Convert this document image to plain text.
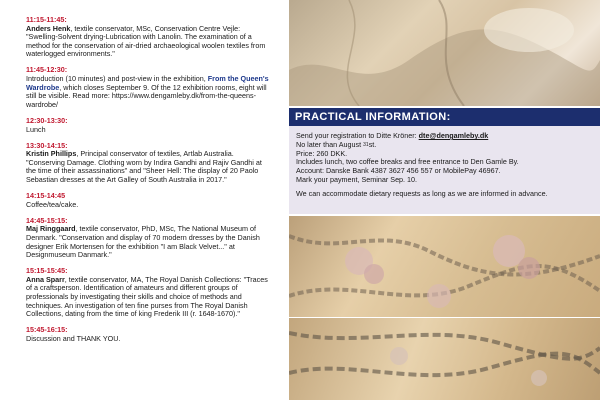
11:15-11:45:
Anders Henk, textile conservator, MSc, Conservation Centre Vejle: "Swelling-Solvent drying-Lubrication with Lanolin. The examination of a method for the conservation of air-dried archaeological woolen textiles from waterlogged environments."
11:45-12:30:
Introduction (10 minutes) and post-view in the exhibition, From the Queen's Wardrobe, which closes September 9. Of the 12 exhibition rooms, eight will still be visible. Read more: https://www.dengamleby.dk/from-the-queens-wardrobe/
12:30-13:30:
Lunch
13:30-14:15:
Kristin Phillips, Principal conservator of textiles, Artlab Australia. "Conserving Damage. Clothing worn by Indira Gandhi and Rajiv Gandhi at the time of their assassinations" and "Sheer Hell: The display of 20 Paolo Sebastian dresses at the Art Galley of South Australia in 2017."
14:15-14:45
Coffee/tea/cake.
14:45-15:15:
Maj Ringgaard, textile conservator, PhD, MSc, The National Museum of Denmark. "Conservation and display of 70 modern dresses by the Danish designer Erik Mortensen for the exhibition "I am Black Velvet..." at Designmuseum Danmark."
15:15-15:45:
Anna Sparr, textile conservator, MA, The Royal Danish Collections: "Traces of a craftsperson. Identification of amateurs and different groups of professionals by investigating their skills and choice of methods and techniques. An investigation of ten fine purses from The Royal Danish Collections, dating from the time of king Frederik III (r. 1648-1670)."
15:45-16:15:
Discussion and THANK YOU.
PRACTICAL INFORMATION:
Send your registration to Ditte Kröner: dte@dengamleby.dk
No later than August $^{31}$st.
Price: 260 DKK.
Includes lunch, two coffee breaks and free entrance to Den Gamle By.
Account: Danske Bank 4387 3627 456 557 or MobilePay 46967.
Mark your payment, Seminar Sep. 10.
We can accommodate dietary requests as long as we are informed in advance.
